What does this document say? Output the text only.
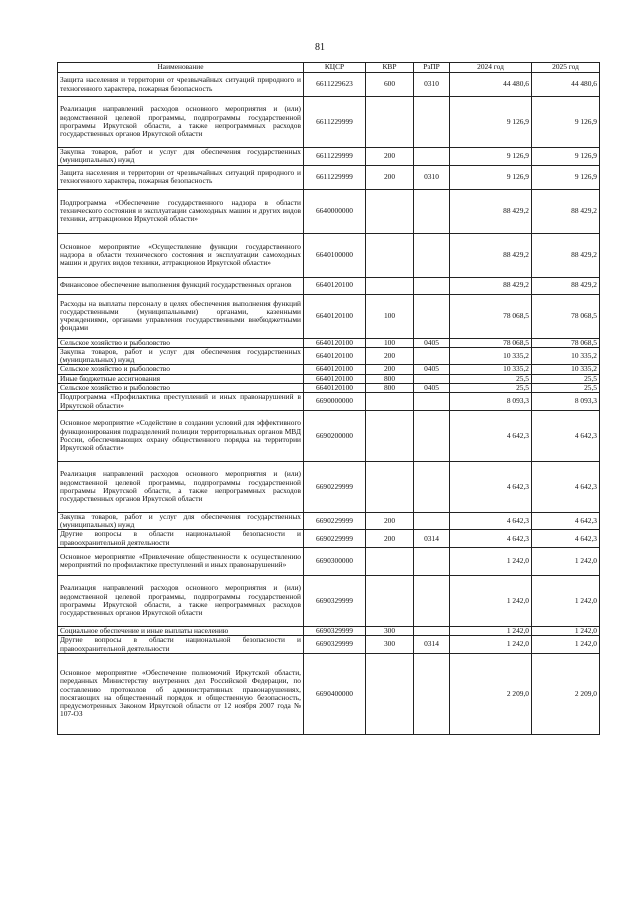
81
Наименование	КЦСР	КВР	РзПР	2024 год	2025 год
Защита населения и территории от чрезвычайных ситуаций природного и техногенного характера, пожарная безопасность	6611229623	600	0310	44 480,6	44 480,6
Реализация направлений расходов основного мероприятия и (или) ведомственной целевой программы, подпрограммы государственной программы Иркутской области, а также непрограммных расходов государственных органов Иркутской области	6611229999			9 126,9	9 126,9
Закупка товаров, работ и услуг для обеспечения государственных (муниципальных) нужд	6611229999	200		9 126,9	9 126,9
Защита населения и территории от чрезвычайных ситуаций природного и техногенного характера, пожарная безопасность	6611229999	200	0310	9 126,9	9 126,9
Подпрограмма «Обеспечение государственного надзора в области технического состояния и эксплуатации самоходных машин и других видов техники, аттракционов Иркутской области»	6640000000			88 429,2	88 429,2
Основное мероприятие «Осуществление функции государственного надзора в области технического состояния и эксплуатации самоходных машин и других видов техники, аттракционов Иркутской области»	6640100000			88 429,2	88 429,2
Финансовое обеспечение выполнения функций государственных органов	6640120100			88 429,2	88 429,2
Расходы на выплаты персоналу в целях обеспечения выполнения функций государственными (муниципальными) органами, казенными учреждениями, органами управления государственными внебюджетными фондами	6640120100	100		78 068,5	78 068,5
Сельское хозяйство и рыболовство	6640120100	100	0405	78 068,5	78 068,5
Закупка товаров, работ и услуг для обеспечения государственных (муниципальных) нужд	6640120100	200		10 335,2	10 335,2
Сельское хозяйство и рыболовство	6640120100	200	0405	10 335,2	10 335,2
Иные бюджетные ассигнования	6640120100	800		25,5	25,5
Сельское хозяйство и рыболовство	6640120100	800	0405	25,5	25,5
Подпрограмма «Профилактика преступлений и иных правонарушений в Иркутской области»	6690000000			8 093,3	8 093,3
Основное мероприятие «Содействие в создании условий для эффективного функционирования подразделений полиции территориальных органов МВД России, обеспечивающих охрану общественного порядка на территории Иркутской области»	6690200000			4 642,3	4 642,3
Реализация направлений расходов основного мероприятия и (или) ведомственной целевой программы, подпрограммы государственной программы Иркутской области, а также непрограммных расходов государственных органов Иркутской области	6690229999			4 642,3	4 642,3
Закупка товаров, работ и услуг для обеспечения государственных (муниципальных) нужд	6690229999	200		4 642,3	4 642,3
Другие вопросы в области национальной безопасности и правоохранительной деятельности	6690229999	200	0314	4 642,3	4 642,3
Основное мероприятие «Привлечение общественности к осуществлению мероприятий по профилактике преступлений и иных правонарушений»	6690300000			1 242,0	1 242,0
Реализация направлений расходов основного мероприятия и (или) ведомственной целевой программы, подпрограммы государственной программы Иркутской области, а также непрограммных расходов государственных органов Иркутской области	6690329999			1 242,0	1 242,0
Социальное обеспечение и иные выплаты населению	6690329999	300		1 242,0	1 242,0
Другие вопросы в области национальной безопасности и правоохранительной деятельности	6690329999	300	0314	1 242,0	1 242,0
Основное мероприятие «Обеспечение полномочий Иркутской области, переданных Министерству внутренних дел Российской Федерации, по составлению протоколов об административных правонарушениях, посягающих на общественный порядок и общественную безопасность, предусмотренных Законом Иркутской области от 12 ноября 2007 года № 107-ОЗ	6690400000			2 209,0	2 209,0
